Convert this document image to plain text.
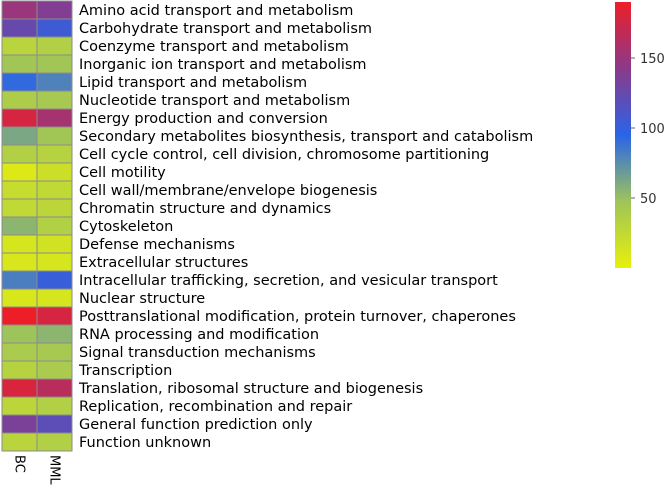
Amino acid transport and metabolism
Carbohydrate transport and metabolism
Coenzyme transport and metabolism
Inorganic ion transport and metabolism
Lipid transport and metabolism
Nucleotide transport and metabolism
Energy production and conversion
Secondary metabolites biosynthesis, transport and catabolism
Cell cycle control, cell division, chromosome partitioning
Cell motility
Cell wall/membrane/envelope biogenesis
Chromatin structure and dynamics
Cytoskeleton
Defense mechanisms
Extracellular structures
Intracellular trafficking, secretion, and vesicular transport
Nuclear structure
Posttranslational modification, protein turnover, chaperones
RNA processing and modification
Signal transduction mechanisms
Transcription
Translation, ribosomal structure and biogenesis
Replication, recombination and repair
General function prediction only
Function unknown
BC MML
50
100
150
